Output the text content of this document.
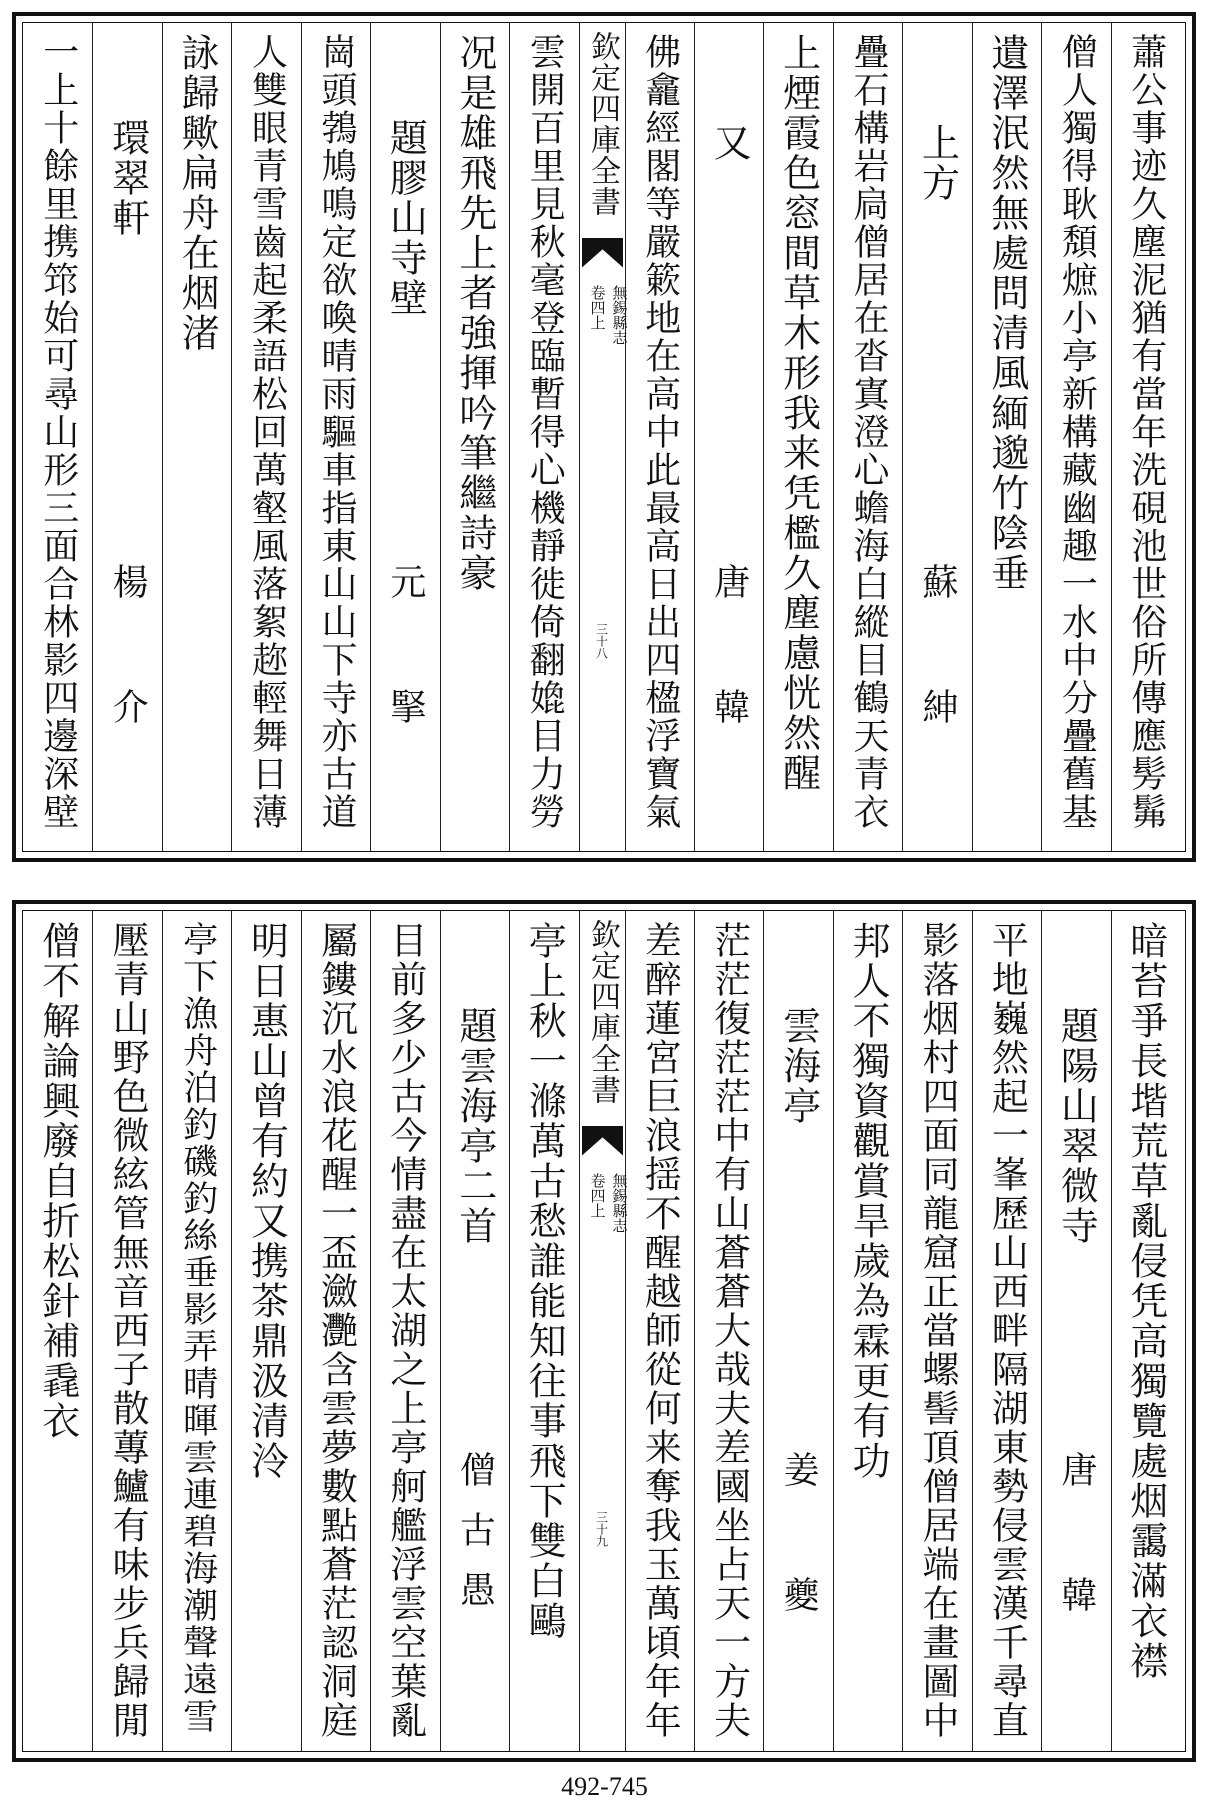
蕭公事迹久塵泥猶有當年洗硯池世俗所傳應髣髴
僧人獨得耿頽熫小亭新構藏幽趣一水中分疊舊基
遺澤泯然無處問清風緬邈竹陰垂
上方
蘇 紳
疊石構岩扃僧居在沓寘澄心蟾海白縱目鶴天青衣
上煙霞色窓間草木形我来凭檻久塵慮恍然醒
又
唐 韓
佛龕經閣等嚴簌地在高中此最高日出四楹浮寶氣
欽定四庫全書
無錫縣志
卷四上
三十八
雲開百里見秋毫登臨暫得心機靜徙倚翻嫓目力勞
况是雄飛先上者強揮吟筆繼詩豪
題膠山寺壁
元 掔
崗頭鵓鳩鳴定欲喚晴雨驅車指東山山下寺亦古道
人雙眼青雪齒起柔語松回萬壑風落絮趂輕舞日薄
詠歸歟扁舟在烟渚
環翠軒
楊 介
一上十餘里携筇始可尋山形三面合林影四邊深壁
暗苔爭長堦荒草亂侵凭高獨覽處烟靄滿衣襟
題陽山翠微寺
唐 韓
平地巍然起一峯歷山西畔隔湖東勢侵雲漢千尋直
影落烟村四面同龍窟正當螺髻頂僧居端在畫圖中
邦人不獨資觀賞旱歲為霖更有功
雲海亭
姜 夔
茫茫復茫茫中有山蒼蒼大哉夫差國坐占天一方夫
差醉蓮宮巨浪揺不醒越師從何来奪我玉萬頃年年
欽定四庫全書
無錫縣志
卷四上
三十九
亭上秋一滌萬古愁誰能知往事飛下雙白鷗
題雲海亭二首
僧古愚
目前多少古今情盡在太湖之上亭舸艦浮雲空葉亂
屬鏤沉水浪花醒一盃瀲灧含雲夢數點蒼茫認洞庭
明日惠山曾有約又携茶鼎汲清泠
亭下漁舟泊釣磯釣絲垂影弄晴暉雲連碧海潮聲遠雪
壓青山野色微絃管無音西子散蓴鱸有味步兵歸閒
僧不解論興廢自折松針補毳衣
492-745
